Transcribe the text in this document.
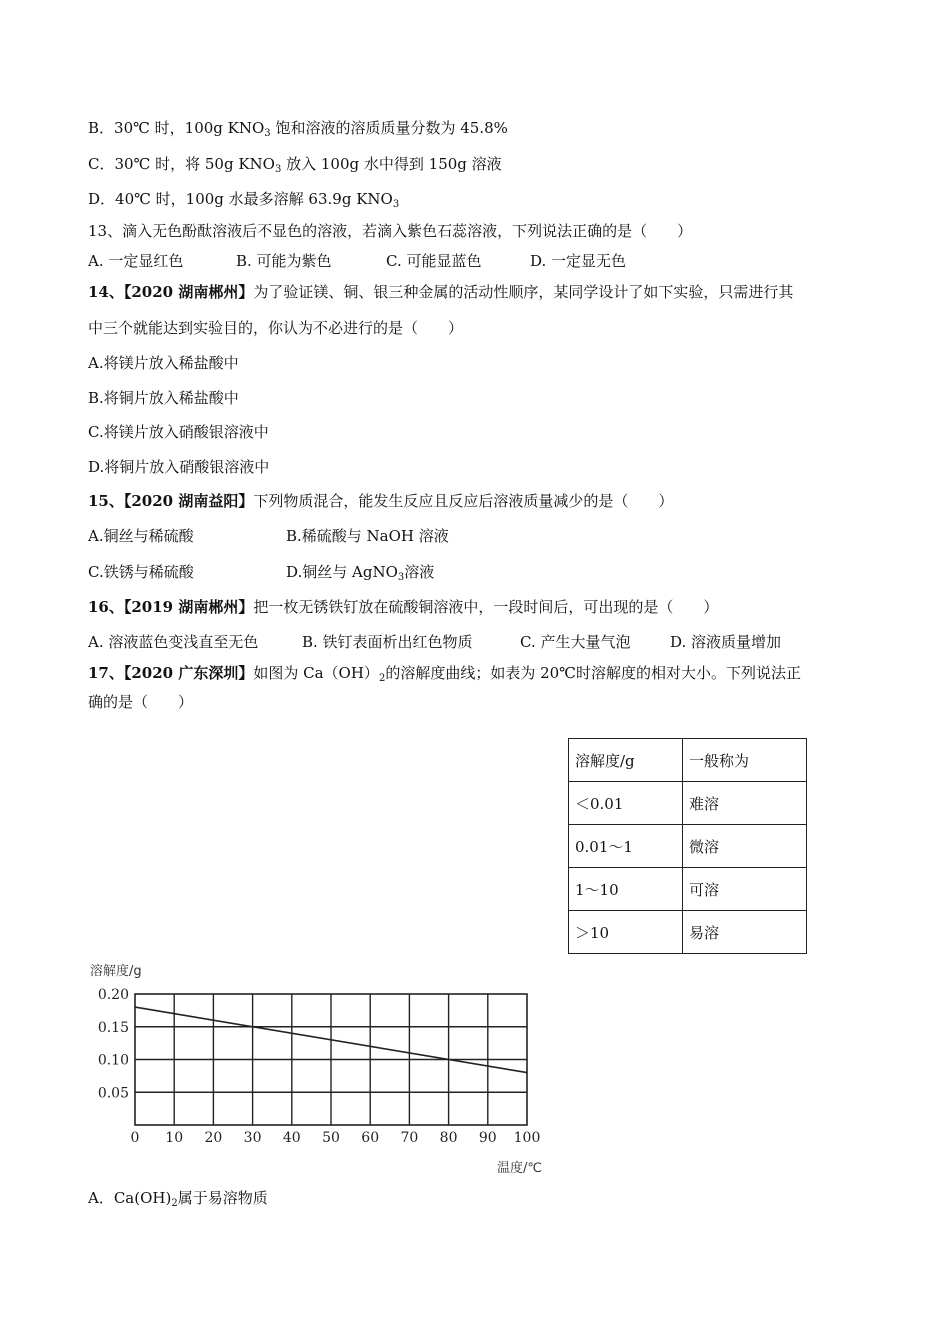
B．30℃ 时，100g $KNO_3$ 饱和溶液的溶质质量分数为 45.8%
C．30℃ 时，将 50g $KNO_3$ 放入 100g 水中得到 150g 溶液
D．40℃ 时，100g 水最多溶解 63.9g $KNO_3$
13、滴入无色酚酞溶液后不显色的溶液，若滴入紫色石蕊溶液，下列说法正确的是（　　）
A. 一定显红色	B. 可能为紫色	C. 可能显蓝色	D. 一定显无色
14、【2020 湖南郴州】为了验证镁、铜、银三种金属的活动性顺序，某同学设计了如下实验，只需进行其
中三个就能达到实验目的，你认为不必进行的是（　　）
A.将镁片放入稀盐酸中
B.将铜片放入稀盐酸中
C.将镁片放入硝酸银溶液中
D.将铜片放入硝酸银溶液中
15、【2020 湖南益阳】下列物质混合，能发生反应且反应后溶液质量减少的是（　　）
A.铜丝与稀硫酸	B.稀硫酸与 NaOH 溶液
C.铁锈与稀硫酸	D.铜丝与 AgNO$_3$溶液
16、【2019 湖南郴州】把一枚无锈铁钉放在硫酸铜溶液中，一段时间后，可出现的是（　　）
A. 溶液蓝色变浅直至无色	B. 铁钉表面析出红色物质	C. 产生大量气泡	D. 溶液质量增加
17、【2020 广东深圳】如图为 $Ca(OH)_2$的溶解度曲线；如表为 20℃时溶解度的相对大小。下列说法正
确的是（　　）
溶解度/g	一般称为
＜0.01	难溶
0.01～1	微溶
1～10	可溶
＞10	易溶
0 10 20 30 40 50 60 70 80 90 100
0.20
0.15
0.10
0.05
溶解度/g
温度/℃
A．$Ca(OH)_2$属于易溶物质
